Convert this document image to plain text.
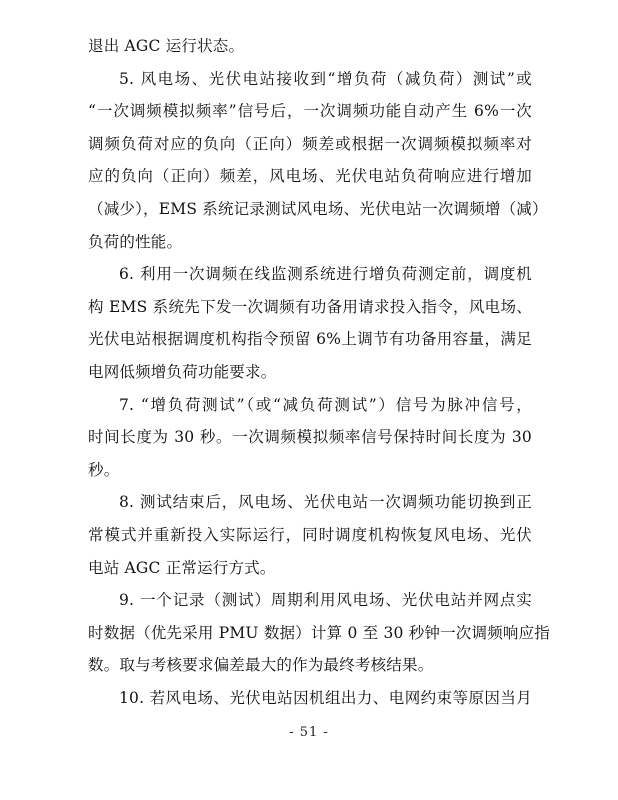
退出 AGC 运行状态。

5. 风电场、光伏电站接收到“增负荷（减负荷）测试”或
“一次调频模拟频率”信号后，一次调频功能自动产生 6%一次
调频负荷对应的负向（正向）频差或根据一次调频模拟频率对
应的负向（正向）频差，风电场、光伏电站负荷响应进行增加
（减少），EMS 系统记录测试风电场、光伏电站一次调频增（减）
负荷的性能。

6. 利用一次调频在线监测系统进行增负荷测定前，调度机
构 EMS 系统先下发一次调频有功备用请求投入指令，风电场、
光伏电站根据调度机构指令预留 6%上调节有功备用容量，满足
电网低频增负荷功能要求。

7. “增负荷测试”（或“减负荷测试”）信号为脉冲信号，
时间长度为 30 秒。一次调频模拟频率信号保持时间长度为 30
秒。

8. 测试结束后，风电场、光伏电站一次调频功能切换到正
常模式并重新投入实际运行，同时调度机构恢复风电场、光伏
电站 AGC 正常运行方式。

9. 一个记录（测试）周期利用风电场、光伏电站并网点实
时数据（优先采用 PMU 数据）计算 0 至 30 秒钟一次调频响应指
数。取与考核要求偏差最大的作为最终考核结果。

10. 若风电场、光伏电站因机组出力、电网约束等原因当月

- 51 -
